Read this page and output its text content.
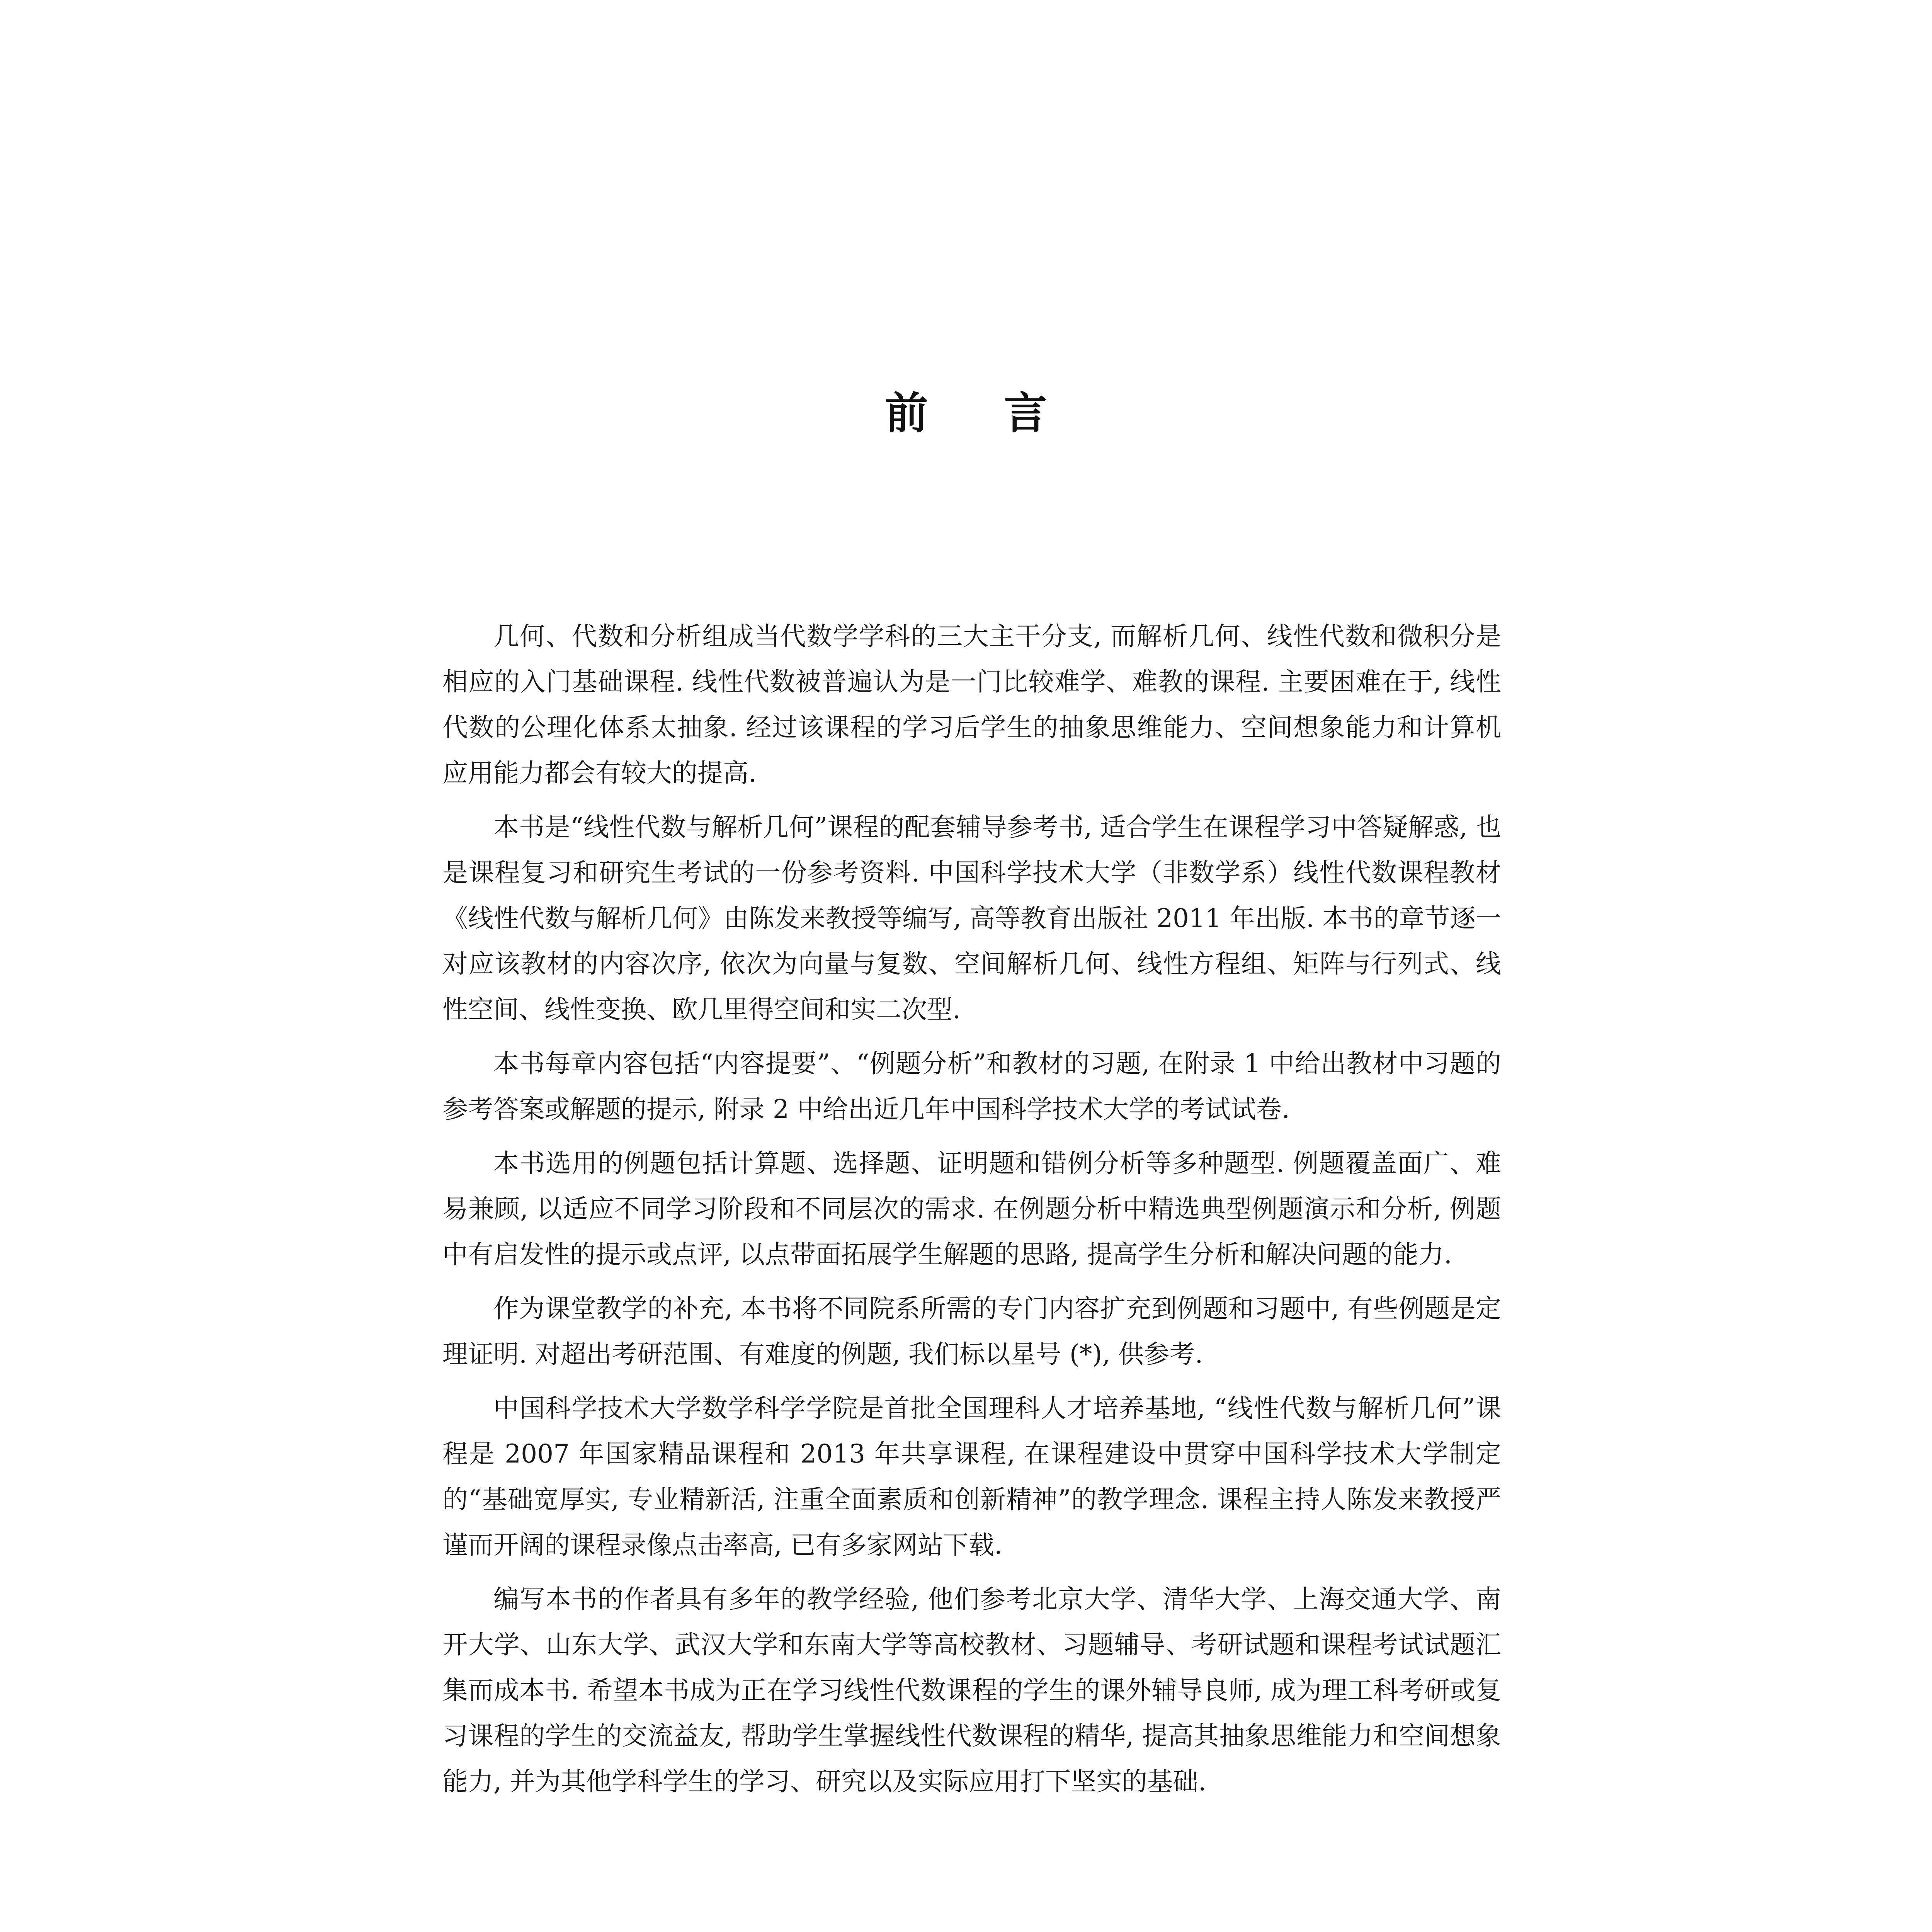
前 言

几何、代数和分析组成当代数学学科的三大主干分支, 而解析几何、线性代数和微积分是相应的入门基础课程. 线性代数被普遍认为是一门比较难学、难教的课程. 主要困难在于, 线性代数的公理化体系太抽象. 经过该课程的学习后学生的抽象思维能力、空间想象能力和计算机应用能力都会有较大的提高.

本书是“线性代数与解析几何”课程的配套辅导参考书, 适合学生在课程学习中答疑解惑, 也是课程复习和研究生考试的一份参考资料. 中国科学技术大学（非数学系）线性代数课程教材《线性代数与解析几何》由陈发来教授等编写, 高等教育出版社 2011 年出版. 本书的章节逐一对应该教材的内容次序, 依次为向量与复数、空间解析几何、线性方程组、矩阵与行列式、线性空间、线性变换、欧几里得空间和实二次型.

本书每章内容包括“内容提要”、“例题分析”和教材的习题, 在附录 1 中给出教材中习题的参考答案或解题的提示, 附录 2 中给出近几年中国科学技术大学的考试试卷.

本书选用的例题包括计算题、选择题、证明题和错例分析等多种题型. 例题覆盖面广、难易兼顾, 以适应不同学习阶段和不同层次的需求. 在例题分析中精选典型例题演示和分析, 例题中有启发性的提示或点评, 以点带面拓展学生解题的思路, 提高学生分析和解决问题的能力.

作为课堂教学的补充, 本书将不同院系所需的专门内容扩充到例题和习题中, 有些例题是定理证明. 对超出考研范围、有难度的例题, 我们标以星号 (*), 供参考.

中国科学技术大学数学科学学院是首批全国理科人才培养基地, “线性代数与解析几何”课程是 2007 年国家精品课程和 2013 年共享课程, 在课程建设中贯穿中国科学技术大学制定的“基础宽厚实, 专业精新活, 注重全面素质和创新精神”的教学理念. 课程主持人陈发来教授严谨而开阔的课程录像点击率高, 已有多家网站下载.

编写本书的作者具有多年的教学经验, 他们参考北京大学、清华大学、上海交通大学、南开大学、山东大学、武汉大学和东南大学等高校教材、习题辅导、考研试题和课程考试试题汇集而成本书. 希望本书成为正在学习线性代数课程的学生的课外辅导良师, 成为理工科考研或复习课程的学生的交流益友, 帮助学生掌握线性代数课程的精华, 提高其抽象思维能力和空间想象能力, 并为其他学科学生的学习、研究以及实际应用打下坚实的基础.
